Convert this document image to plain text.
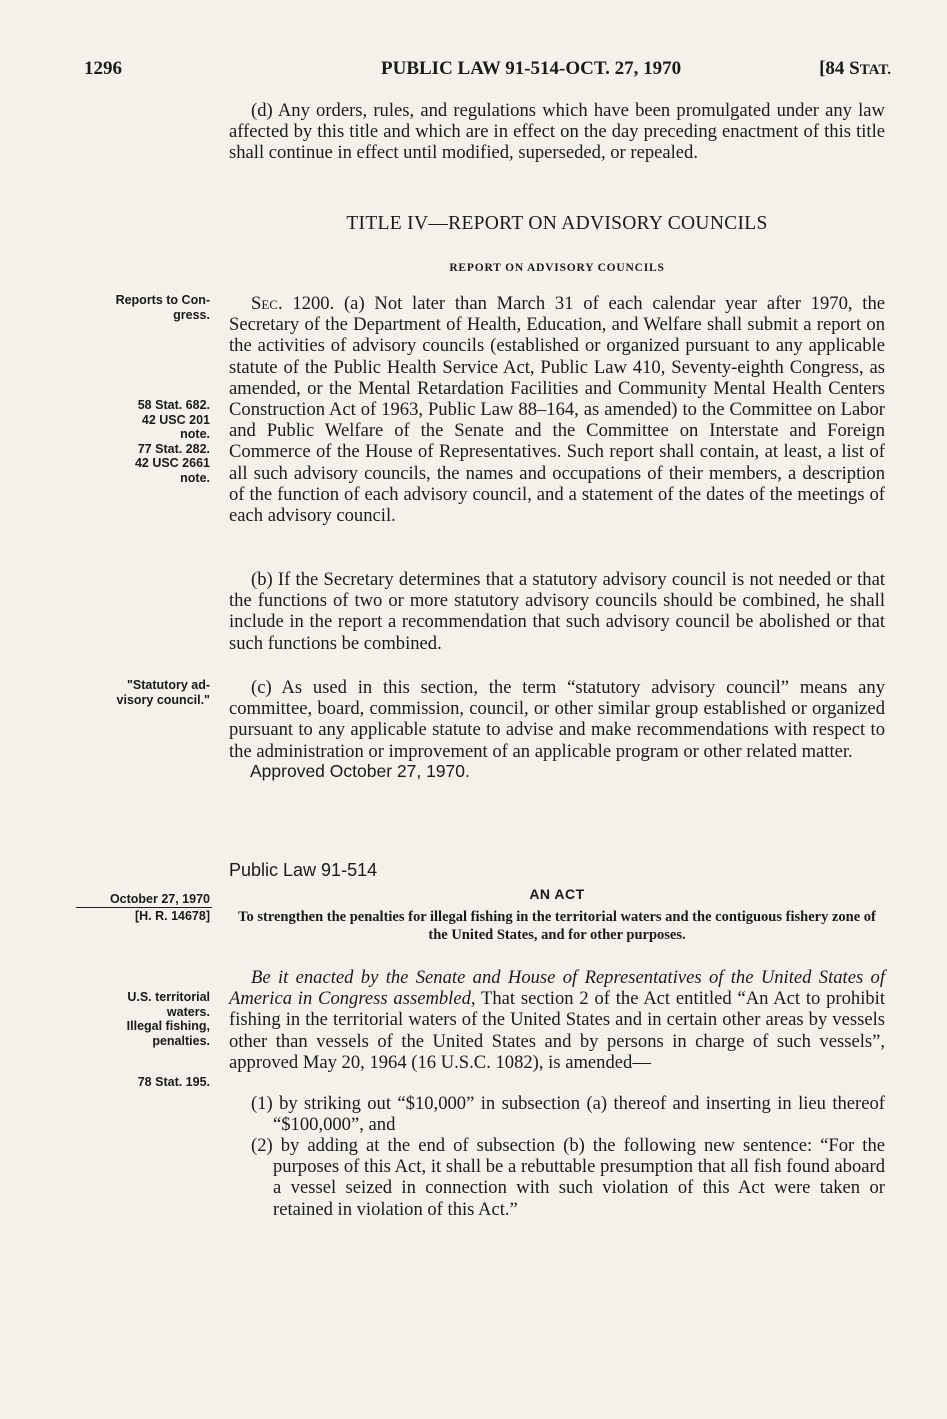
1296	PUBLIC LAW 91-514-OCT. 27, 1970	[84 STAT.

(d) Any orders, rules, and regulations which have been promulgated under any law affected by this title and which are in effect on the day preceding enactment of this title shall continue in effect until modified, superseded, or repealed.

TITLE IV—REPORT ON ADVISORY COUNCILS
REPORT ON ADVISORY COUNCILS
Reports to Con-
gress.

Sec. 1200. (a) Not later than March 31 of each calendar year after 1970, the Secretary of the Department of Health, Education, and Welfare shall submit a report on the activities of advisory councils (established or organized pursuant to any applicable statute of the Public Health Service Act, Public Law 410, Seventy-eighth Congress, as amended, or the Mental Retardation Facilities and Community Mental Health Centers Construction Act of 1963, Public Law 88–164, as amended) to the Committee on Labor and Public Welfare of the Senate and the Committee on Interstate and Foreign Commerce of the House of Representatives. Such report shall contain, at least, a list of all such advisory councils, the names and occupations of their members, a description of the function of each advisory council, and a statement of the dates of the meetings of each advisory council.

58 Stat. 682.
42 USC 201
note.
77 Stat. 282.
42 USC 2661
note.

(b) If the Secretary determines that a statutory advisory council is not needed or that the functions of two or more statutory advisory councils should be combined, he shall include in the report a recommendation that such advisory council be abolished or that such functions be combined.

"Statutory ad-
visory council."

(c) As used in this section, the term “statutory advisory council” means any committee, board, commission, council, or other similar group established or organized pursuant to any applicable statute to advise and make recommendations with respect to the administration or improvement of an applicable program or other related matter.

Approved October 27, 1970.
Public Law 91-514
October 27, 1970
[H. R. 14678]
AN ACT
To strengthen the penalties for illegal fishing in the territorial waters and the contiguous fishery zone of the United States, and for other purposes.
U.S. territorial
waters.
Illegal fishing,
penalties.

Be it enacted by the Senate and House of Representatives of the United States of America in Congress assembled, That section 2 of the Act entitled “An Act to prohibit fishing in the territorial waters of the United States and in certain other areas by vessels other than vessels of the United States and by persons in charge of such vessels”, approved May 20, 1964 (16 U.S.C. 1082), is amended—

78 Stat. 195.

(1) by striking out “$10,000” in subsection (a) thereof and inserting in lieu thereof “$100,000”, and

(2) by adding at the end of subsection (b) the following new sentence: “For the purposes of this Act, it shall be a rebuttable presumption that all fish found aboard a vessel seized in connection with such violation of this Act were taken or retained in violation of this Act.”
